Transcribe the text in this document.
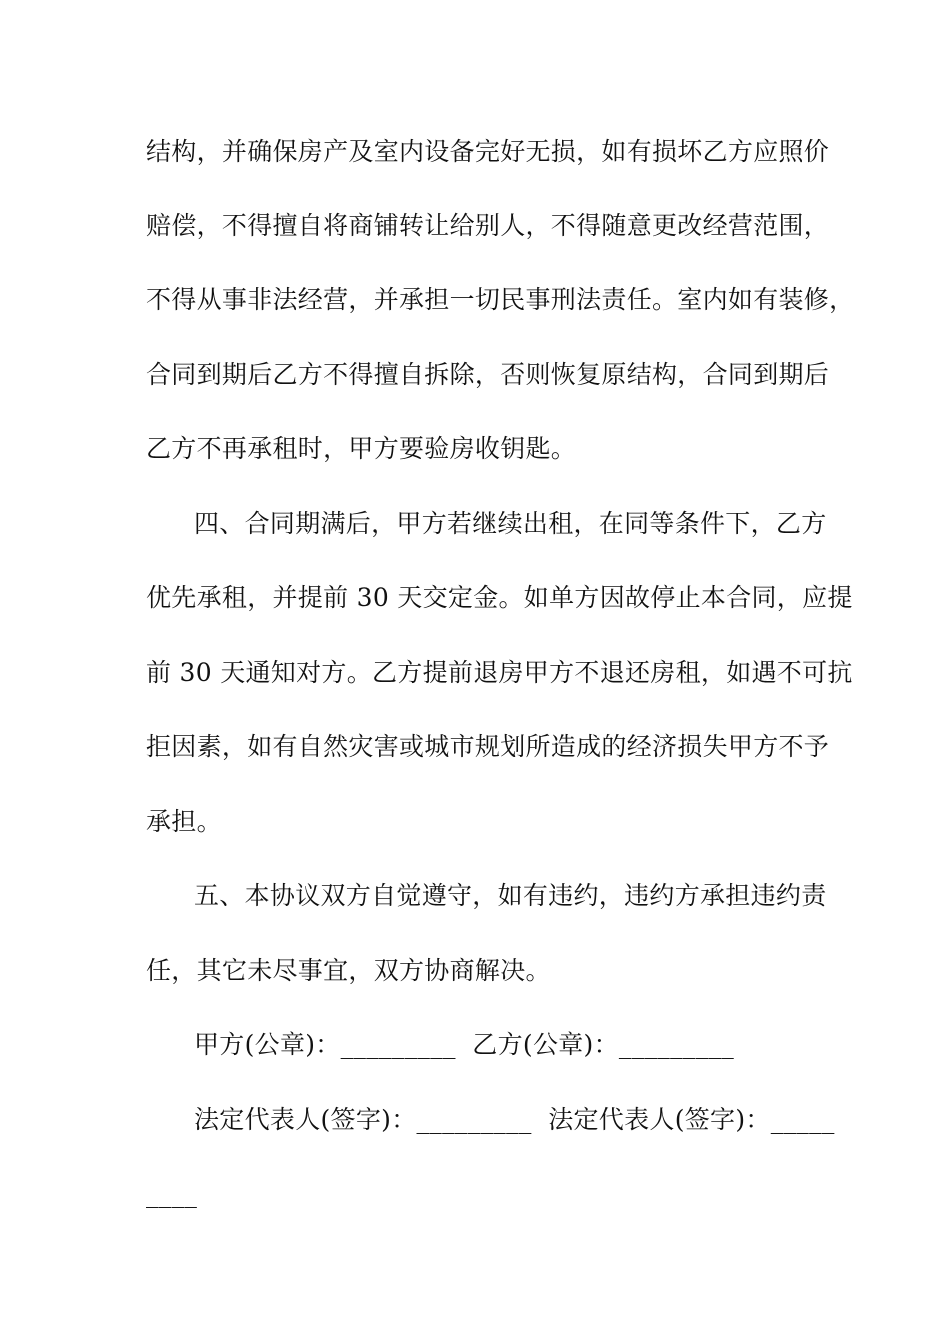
结构，并确保房产及室内设备完好无损，如有损坏乙方应照价
赔偿，不得擅自将商铺转让给别人，不得随意更改经营范围，
不得从事非法经营，并承担一切民事刑法责任。室内如有装修，
合同到期后乙方不得擅自拆除，否则恢复原结构，合同到期后
乙方不再承租时，甲方要验房收钥匙。
四、合同期满后，甲方若继续出租，在同等条件下，乙方
优先承租，并提前 30 天交定金。如单方因故停止本合同，应提
前 30 天通知对方。乙方提前退房甲方不退还房租，如遇不可抗
拒因素，如有自然灾害或城市规划所造成的经济损失甲方不予
承担。
五、本协议双方自觉遵守，如有违约，违约方承担违约责
任，其它未尽事宜，双方协商解决。
甲方(公章)：_________  乙方(公章)：_________
法定代表人(签字)：_________  法定代表人(签字)：_____
____
